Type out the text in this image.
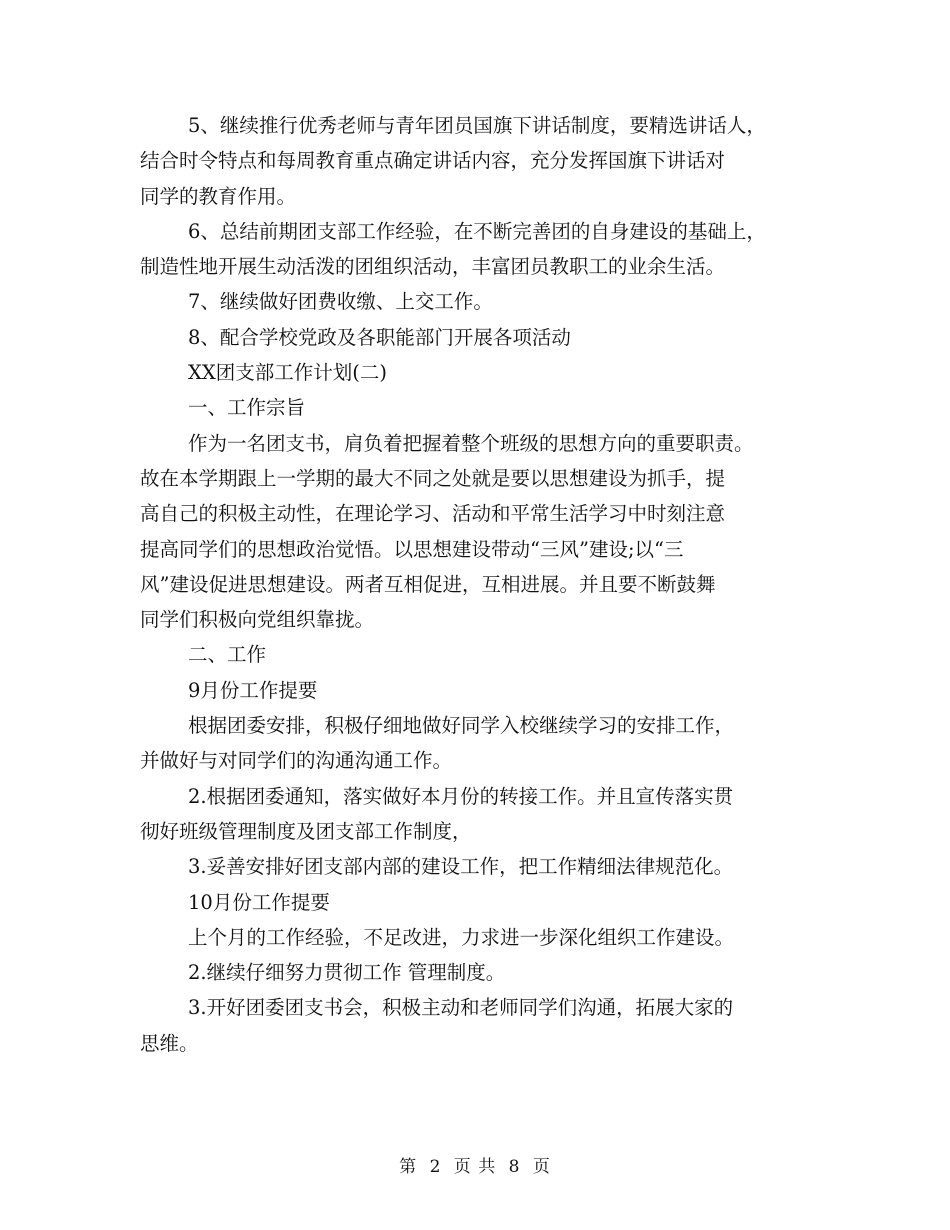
5、继续推行优秀老师与青年团员国旗下讲话制度，要精选讲话人，
结合时令特点和每周教育重点确定讲话内容，充分发挥国旗下讲话对
同学的教育作用。
6、总结前期团支部工作经验，在不断完善团的自身建设的基础上，
制造性地开展生动活泼的团组织活动，丰富团员教职工的业余生活。
7、继续做好团费收缴、上交工作。
8、配合学校党政及各职能部门开展各项活动
XX团支部工作计划(二)
一、工作宗旨
作为一名团支书，肩负着把握着整个班级的思想方向的重要职责。
故在本学期跟上一学期的最大不同之处就是要以思想建设为抓手，提
高自己的积极主动性，在理论学习、活动和平常生活学习中时刻注意
提高同学们的思想政治觉悟。以思想建设带动“三风”建设;以“三
风”建设促进思想建设。两者互相促进，互相进展。并且要不断鼓舞
同学们积极向党组织靠拢。
二、工作
9月份工作提要
根据团委安排，积极仔细地做好同学入校继续学习的安排工作，
并做好与对同学们的沟通沟通工作。
2.根据团委通知，落实做好本月份的转接工作。并且宣传落实贯
彻好班级管理制度及团支部工作制度，
3.妥善安排好团支部内部的建设工作，把工作精细法律规范化。
10月份工作提要
上个月的工作经验，不足改进，力求进一步深化组织工作建设。
2.继续仔细努力贯彻工作 管理制度。
3.开好团委团支书会，积极主动和老师同学们沟通，拓展大家的
思维。
第 2 页 共 8 页
